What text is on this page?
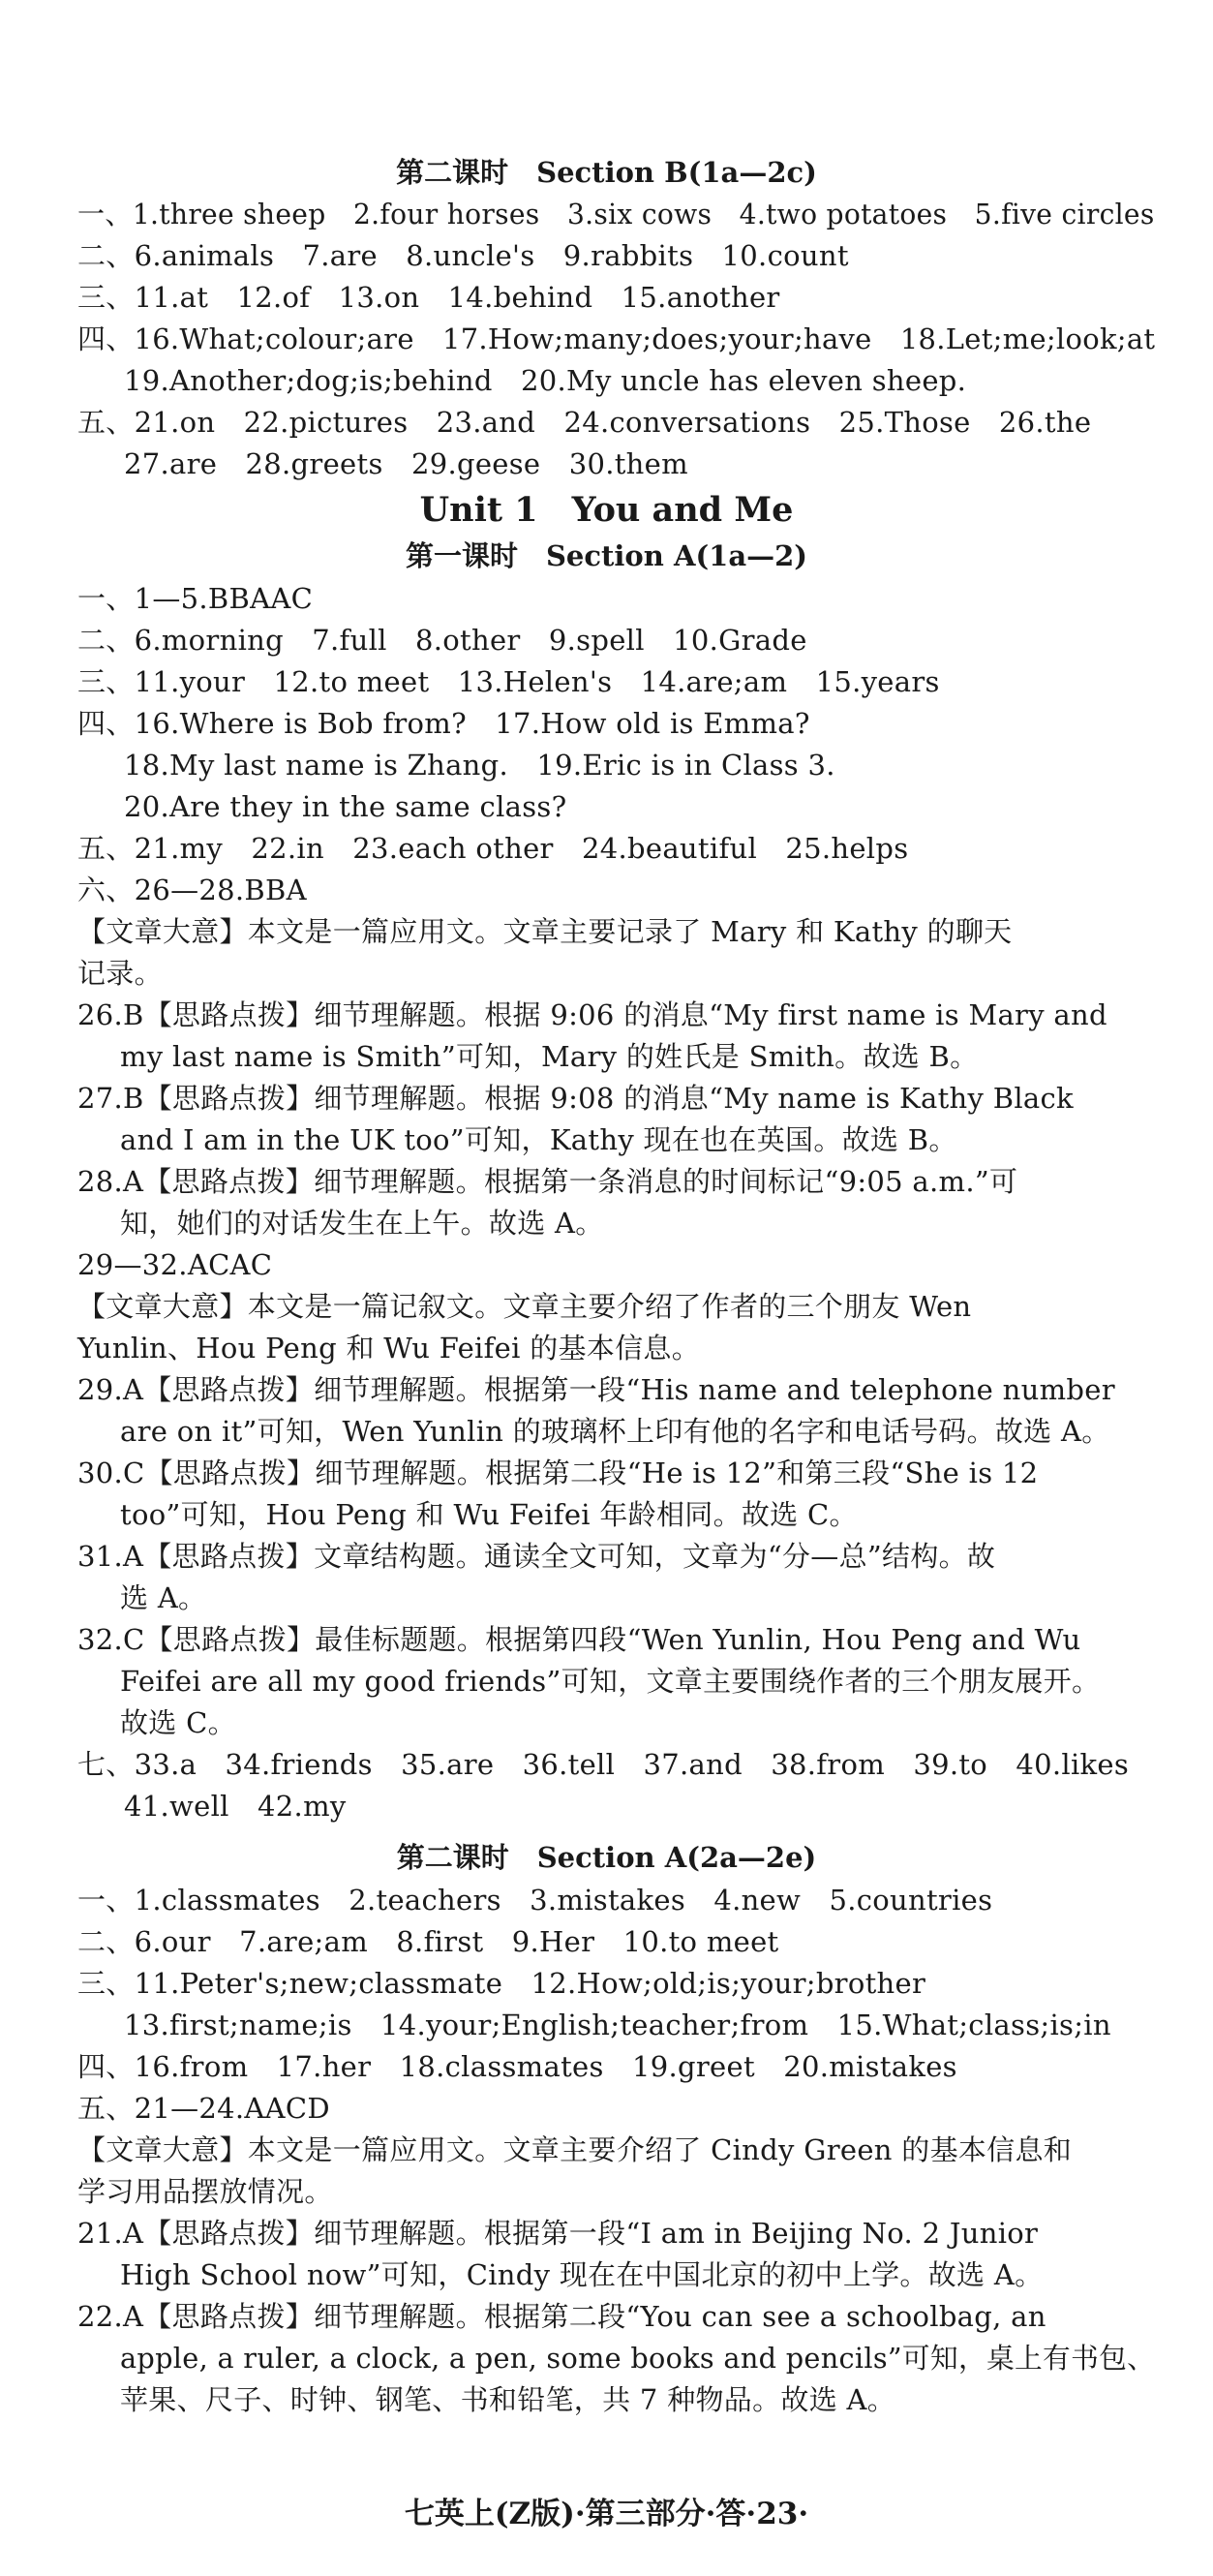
第二课时　Section B(1a—2c)
一、1.three sheep　2.four horses　3.six cows　4.two potatoes　5.five circles
二、6.animals　7.are　8.uncle's　9.rabbits　10.count
三、11.at　12.of　13.on　14.behind　15.another
四、16.What;colour;are　17.How;many;does;your;have　18.Let;me;look;at
19.Another;dog;is;behind　20.My uncle has eleven sheep.
五、21.on　22.pictures　23.and　24.conversations　25.Those　26.the
27.are　28.greets　29.geese　30.them
Unit 1　You and Me
第一课时　Section A(1a—2)
一、1—5.BBAAC
二、6.morning　7.full　8.other　9.spell　10.Grade
三、11.your　12.to meet　13.Helen's　14.are;am　15.years
四、16.Where is Bob from?　17.How old is Emma?
18.My last name is Zhang.　19.Eric is in Class 3.
20.Are they in the same class?
五、21.my　22.in　23.each other　24.beautiful　25.helps
六、26—28.BBA
【文章大意】本文是一篇应用文。文章主要记录了 Mary 和 Kathy 的聊天
记录。
26.B【思路点拨】细节理解题。根据 9:06 的消息“My first name is Mary and
my last name is Smith”可知，Mary 的姓氏是 Smith。故选 B。
27.B【思路点拨】细节理解题。根据 9:08 的消息“My name is Kathy Black
and I am in the UK too”可知，Kathy 现在也在英国。故选 B。
28.A【思路点拨】细节理解题。根据第一条消息的时间标记“9:05 a.m.”可
知，她们的对话发生在上午。故选 A。
29—32.ACAC
【文章大意】本文是一篇记叙文。文章主要介绍了作者的三个朋友 Wen
Yunlin、Hou Peng 和 Wu Feifei 的基本信息。
29.A【思路点拨】细节理解题。根据第一段“His name and telephone number
are on it”可知，Wen Yunlin 的玻璃杯上印有他的名字和电话号码。故选 A。
30.C【思路点拨】细节理解题。根据第二段“He is 12”和第三段“She is 12
too”可知，Hou Peng 和 Wu Feifei 年龄相同。故选 C。
31.A【思路点拨】文章结构题。通读全文可知，文章为“分—总”结构。故
选 A。
32.C【思路点拨】最佳标题题。根据第四段“Wen Yunlin, Hou Peng and Wu
Feifei are all my good friends”可知，文章主要围绕作者的三个朋友展开。
故选 C。
七、33.a　34.friends　35.are　36.tell　37.and　38.from　39.to　40.likes
41.well　42.my
第二课时　Section A(2a—2e)
一、1.classmates　2.teachers　3.mistakes　4.new　5.countries
二、6.our　7.are;am　8.first　9.Her　10.to meet
三、11.Peter's;new;classmate　12.How;old;is;your;brother
13.first;name;is　14.your;English;teacher;from　15.What;class;is;in
四、16.from　17.her　18.classmates　19.greet　20.mistakes
五、21—24.AACD
【文章大意】本文是一篇应用文。文章主要介绍了 Cindy Green 的基本信息和
学习用品摆放情况。
21.A【思路点拨】细节理解题。根据第一段“I am in Beijing No. 2 Junior
High School now”可知，Cindy 现在在中国北京的初中上学。故选 A。
22.A【思路点拨】细节理解题。根据第二段“You can see a schoolbag, an
apple, a ruler, a clock, a pen, some books and pencils”可知，桌上有书包、
苹果、尺子、时钟、钢笔、书和铅笔，共 7 种物品。故选 A。
七英上(Z版)·第三部分·答·23·
